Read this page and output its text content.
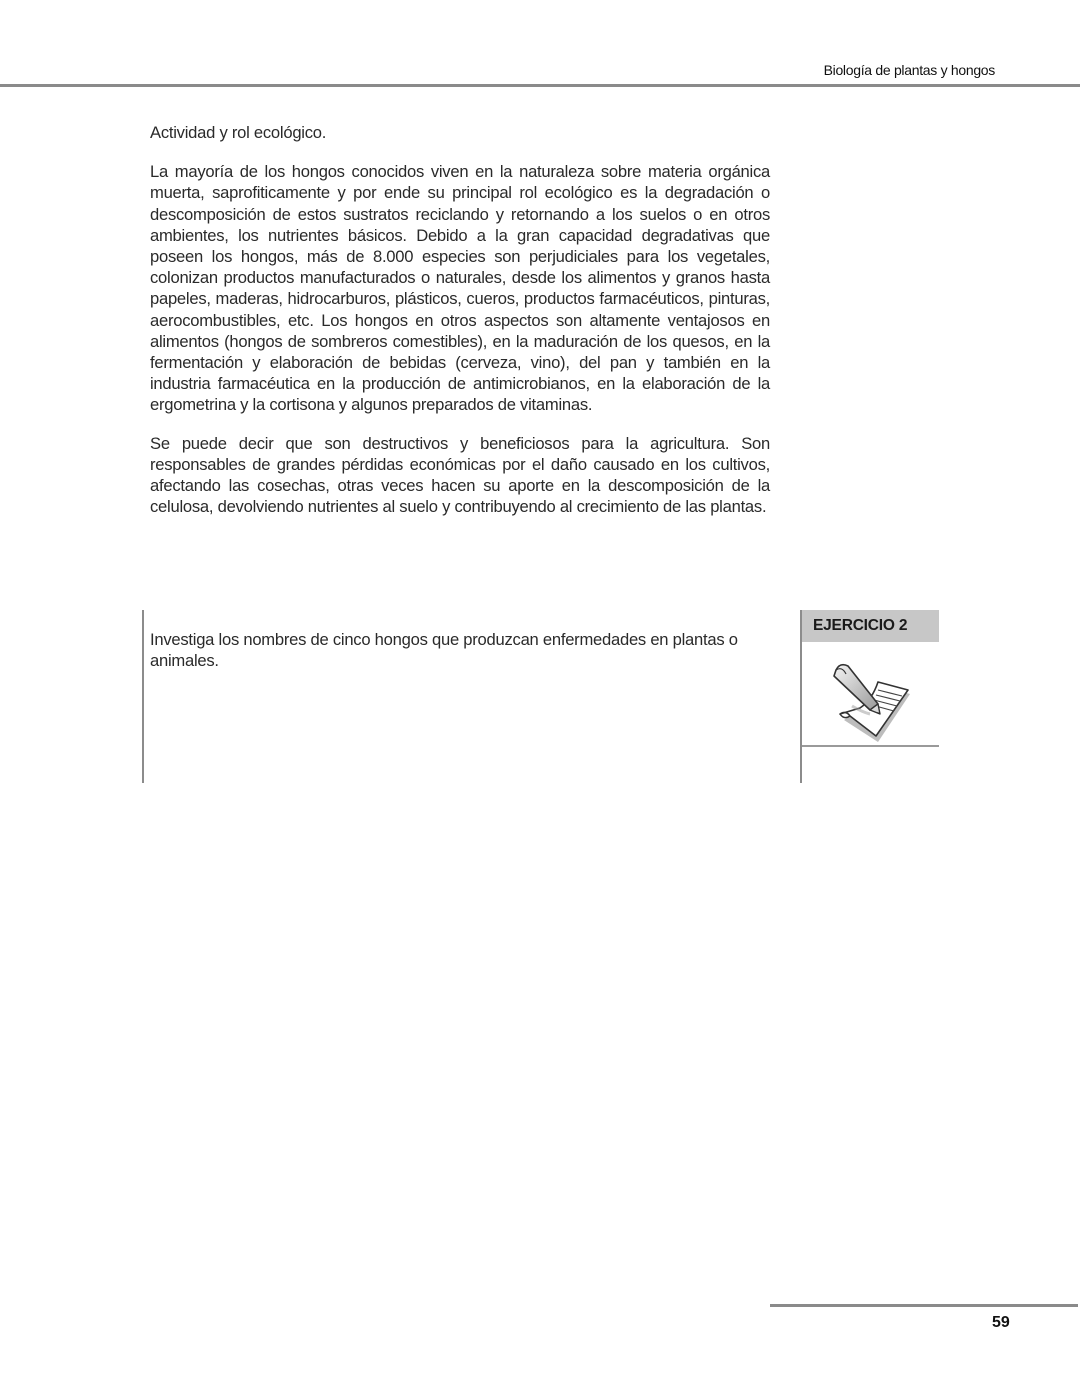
Biología de plantas y hongos

Actividad y rol ecológico.

La mayoría de los hongos conocidos viven en la naturaleza sobre materia orgánica muerta, saprofiticamente y por ende su principal rol ecológico es la degradación o descomposición de estos sustratos reciclando y retornando a los suelos o en otros ambientes, los nutrientes básicos. Debido a la gran capacidad degradativas que poseen los hongos, más de 8.000 especies son perjudiciales para los vegetales, colonizan productos manufacturados o naturales, desde los alimentos y granos hasta papeles, maderas, hidrocarburos, plásticos, cueros, productos farmacéuticos, pinturas, aerocombustibles, etc. Los hongos en otros aspectos son altamente ventajosos en alimentos (hongos de sombreros comestibles), en la maduración de los quesos, en la fermentación y elaboración de bebidas (cerveza, vino), del pan y también en la industria farmacéutica en la producción de antimicrobianos, en la elaboración de la ergometrina y la cortisona y algunos preparados de vitaminas.

Se puede decir que son destructivos y beneficiosos para la agricultura. Son responsables de grandes pérdidas económicas por el daño causado en los cultivos, afectando las cosechas, otras veces hacen su aporte en la descomposición de la celulosa, devolviendo nutrientes al suelo y contribuyendo al crecimiento de las plantas.

Investiga los nombres de cinco hongos que produzcan enfermedades en plantas o animales.

EJERCICIO 2
59
